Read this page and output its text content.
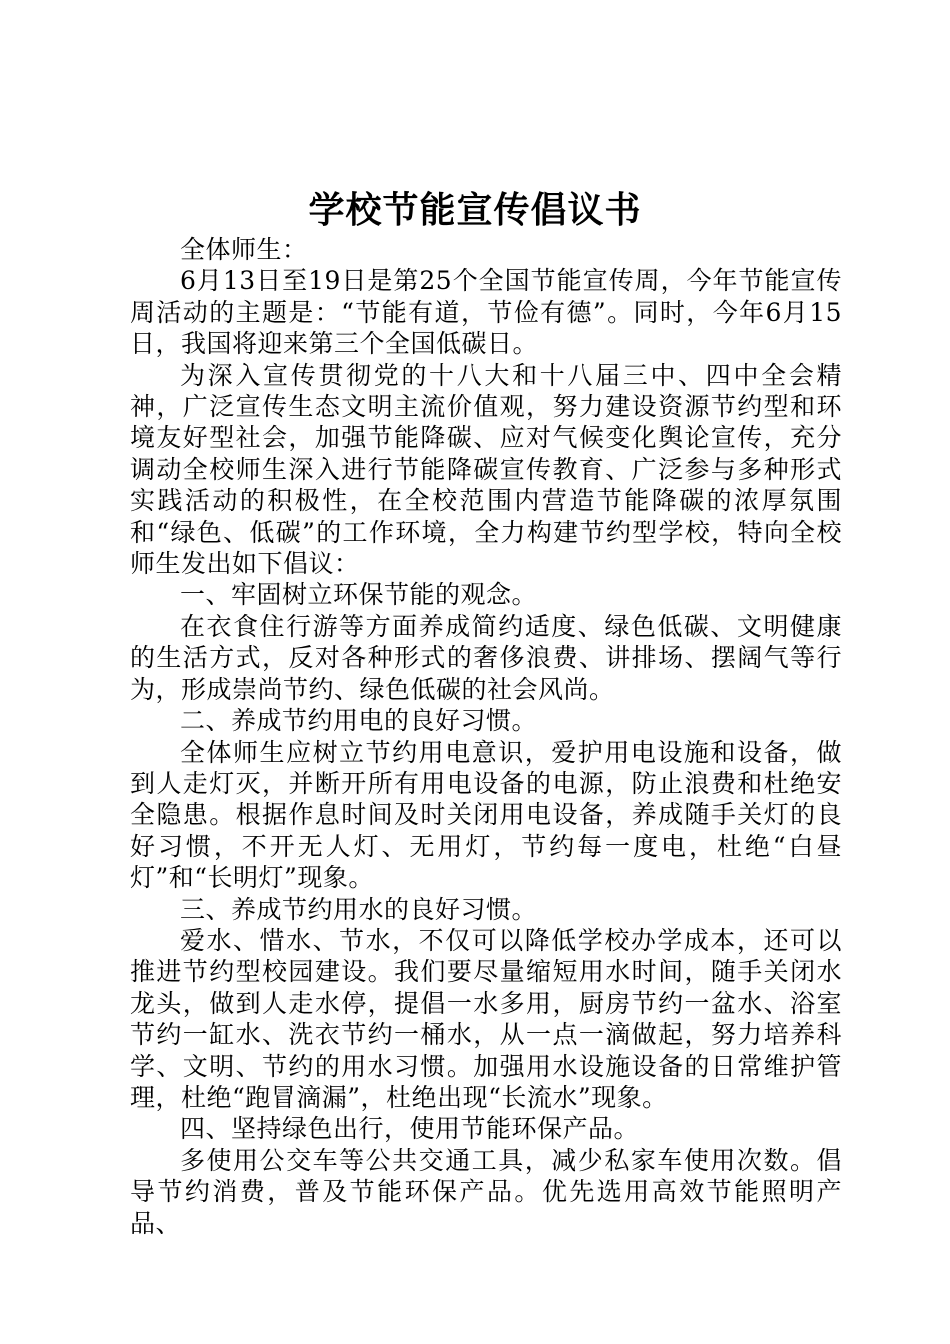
学校节能宣传倡议书

全体师生：

6月13日至19日是第25个全国节能宣传周，今年节能宣传周活动的主题是：“节能有道，节俭有德”。同时，今年6月15日，我国将迎来第三个全国低碳日。

为深入宣传贯彻党的十八大和十八届三中、四中全会精神，广泛宣传生态文明主流价值观，努力建设资源节约型和环境友好型社会，加强节能降碳、应对气候变化舆论宣传，充分调动全校师生深入进行节能降碳宣传教育、广泛参与多种形式实践活动的积极性，在全校范围内营造节能降碳的浓厚氛围和“绿色、低碳”的工作环境，全力构建节约型学校，特向全校师生发出如下倡议：

一、牢固树立环保节能的观念。

在衣食住行游等方面养成简约适度、绿色低碳、文明健康的生活方式，反对各种形式的奢侈浪费、讲排场、摆阔气等行为，形成崇尚节约、绿色低碳的社会风尚。

二、养成节约用电的良好习惯。

全体师生应树立节约用电意识，爱护用电设施和设备，做到人走灯灭，并断开所有用电设备的电源，防止浪费和杜绝安全隐患。根据作息时间及时关闭用电设备，养成随手关灯的良好习惯，不开无人灯、无用灯，节约每一度电，杜绝“白昼灯”和“长明灯”现象。

三、养成节约用水的良好习惯。

爱水、惜水、节水，不仅可以降低学校办学成本，还可以推进节约型校园建设。我们要尽量缩短用水时间，随手关闭水龙头，做到人走水停，提倡一水多用，厨房节约一盆水、浴室节约一缸水、洗衣节约一桶水，从一点一滴做起，努力培养科学、文明、节约的用水习惯。加强用水设施设备的日常维护管理，杜绝“跑冒滴漏”，杜绝出现“长流水”现象。

四、坚持绿色出行，使用节能环保产品。

多使用公交车等公共交通工具，减少私家车使用次数。倡导节约消费，普及节能环保产品。优先选用高效节能照明产品、
